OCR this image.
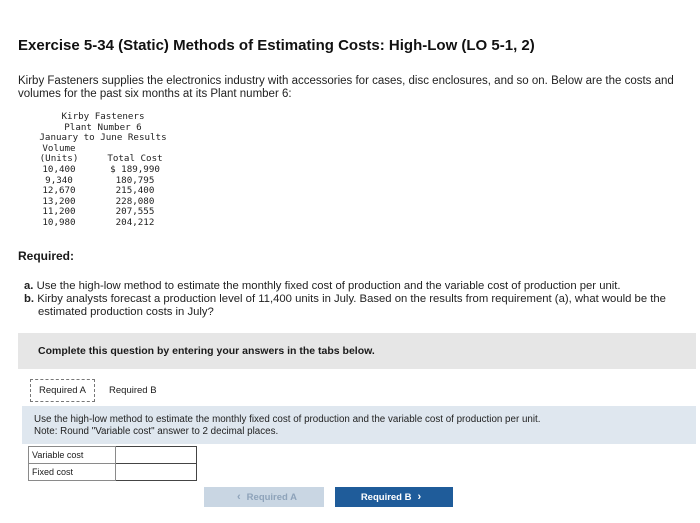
Exercise 5-34 (Static) Methods of Estimating Costs: High-Low (LO 5-1, 2)
Kirby Fasteners supplies the electronics industry with accessories for cases, disc enclosures, and so on. Below are the costs and
volumes for the past six months at its Plant number 6:
Kirby Fasteners
Plant Number 6
January to June Results
Volume
(Units)	Total Cost
10,400	$ 189,990
9,340	180,795
12,670	215,400
13,200	228,080
11,200	207,555
10,980	204,212
Required:
a. Use the high-low method to estimate the monthly fixed cost of production and the variable cost of production per unit.
b. Kirby analysts forecast a production level of 11,400 units in July. Based on the results from requirement (a), what would be the
estimated production costs in July?
Complete this question by entering your answers in the tabs below.
Required A	Required B
Use the high-low method to estimate the monthly fixed cost of production and the variable cost of production per unit.
Note: Round "Variable cost" answer to 2 decimal places.
Variable cost	
Fixed cost	
‹ Required A	Required B ›
